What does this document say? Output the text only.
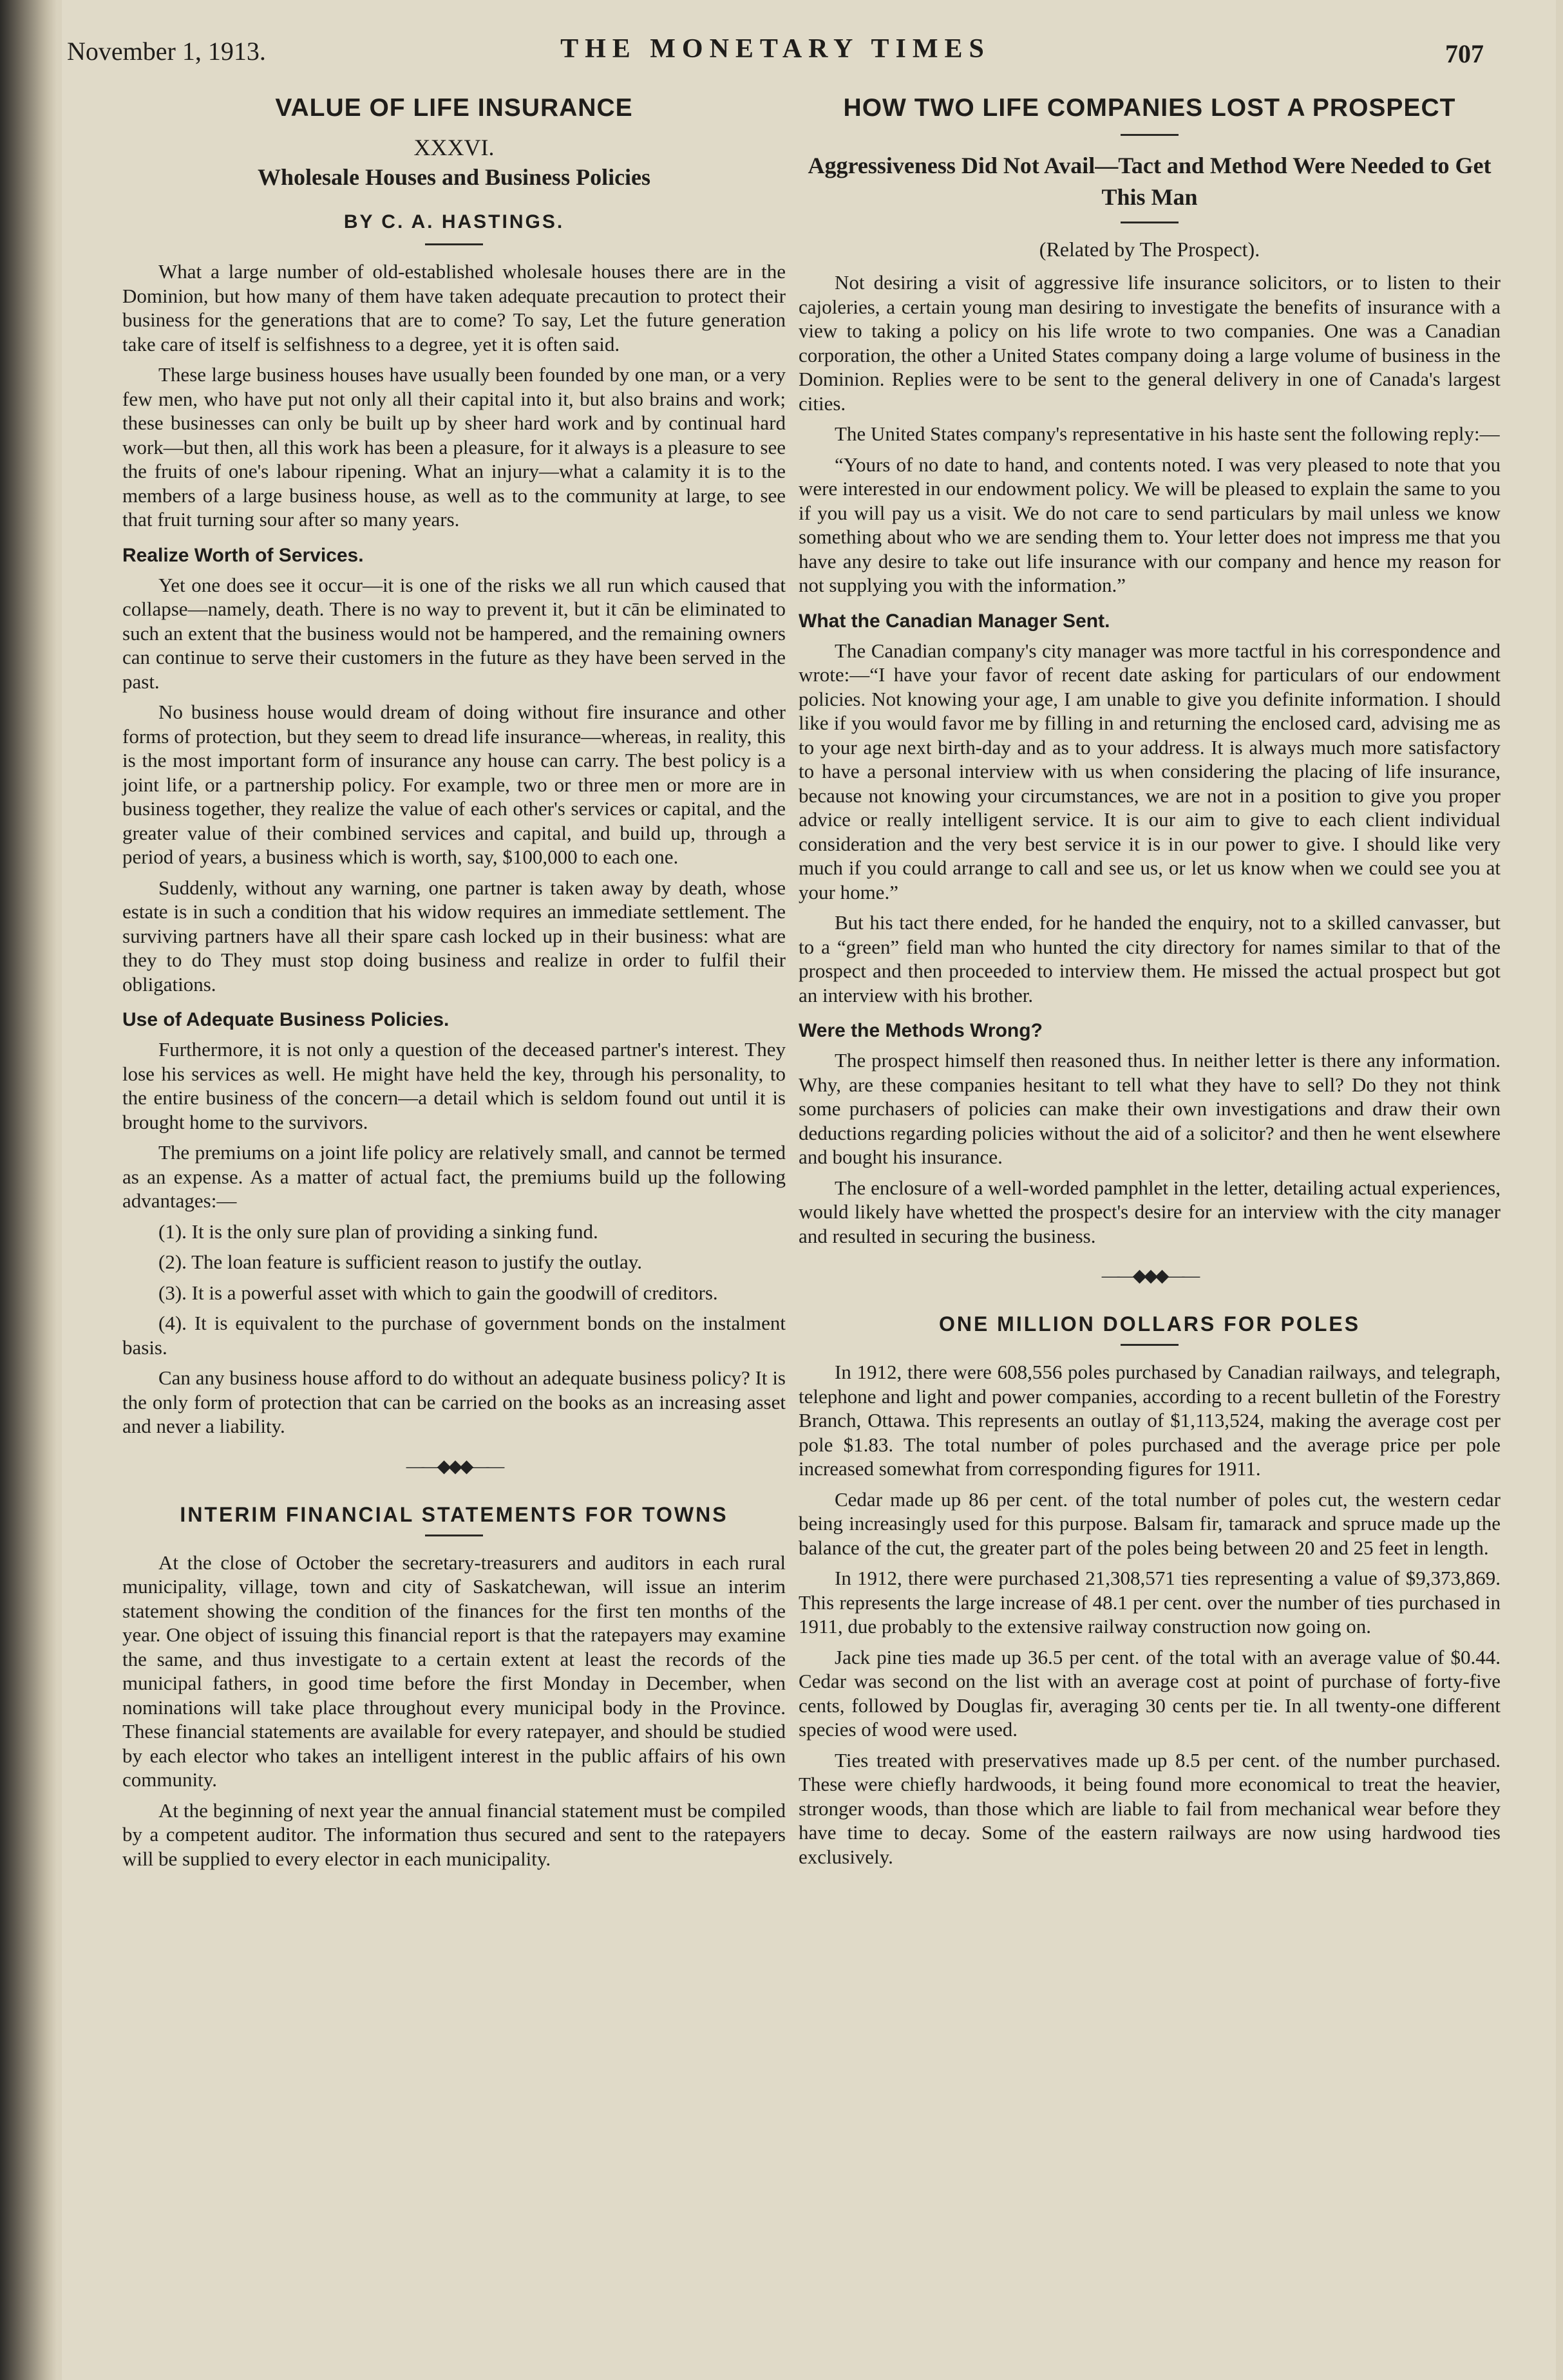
November 1, 1913.	THE MONETARY TIMES	707
VALUE OF LIFE INSURANCE
XXXVI.
Wholesale Houses and Business Policies
BY C. A. HASTINGS.

What a large number of old-established wholesale houses there are in the Dominion, but how many of them have taken adequate precaution to protect their business for the generations that are to come? To say, Let the future generation take care of itself is selfishness to a degree, yet it is often said.

These large business houses have usually been founded by one man, or a very few men, who have put not only all their capital into it, but also brains and work; these businesses can only be built up by sheer hard work and by continual hard work—but then, all this work has been a pleasure, for it always is a pleasure to see the fruits of one's labour ripening. What an injury—what a calamity it is to the members of a large business house, as well as to the community at large, to see that fruit turning sour after so many years.

Realize Worth of Services.

Yet one does see it occur—it is one of the risks we all run which caused that collapse—namely, death. There is no way to prevent it, but it cān be eliminated to such an extent that the business would not be hampered, and the remaining owners can continue to serve their customers in the future as they have been served in the past.

No business house would dream of doing without fire insurance and other forms of protection, but they seem to dread life insurance—whereas, in reality, this is the most important form of insurance any house can carry. The best policy is a joint life, or a partnership policy. For example, two or three men or more are in business together, they realize the value of each other's services or capital, and the greater value of their combined services and capital, and build up, through a period of years, a business which is worth, say, $100,000 to each one.

Suddenly, without any warning, one partner is taken away by death, whose estate is in such a condition that his widow requires an immediate settlement. The surviving partners have all their spare cash locked up in their business: what are they to do They must stop doing business and realize in order to fulfil their obligations.

Use of Adequate Business Policies.

Furthermore, it is not only a question of the deceased partner's interest. They lose his services as well. He might have held the key, through his personality, to the entire business of the concern—a detail which is seldom found out until it is brought home to the survivors.

The premiums on a joint life policy are relatively small, and cannot be termed as an expense. As a matter of actual fact, the premiums build up the following advantages:—

(1). It is the only sure plan of providing a sinking fund.

(2). The loan feature is sufficient reason to justify the outlay.

(3). It is a powerful asset with which to gain the goodwill of creditors.

(4). It is equivalent to the purchase of government bonds on the instalment basis.

Can any business house afford to do without an adequate business policy? It is the only form of protection that can be carried on the books as an increasing asset and never a liability.

——◆◆◆——
INTERIM FINANCIAL STATEMENTS FOR TOWNS

At the close of October the secretary-treasurers and auditors in each rural municipality, village, town and city of Saskatchewan, will issue an interim statement showing the condition of the finances for the first ten months of the year. One object of issuing this financial report is that the ratepayers may examine the same, and thus investigate to a certain extent at least the records of the municipal fathers, in good time before the first Monday in December, when nominations will take place throughout every municipal body in the Province. These financial statements are available for every ratepayer, and should be studied by each elector who takes an intelligent interest in the public affairs of his own community.

At the beginning of next year the annual financial statement must be compiled by a competent auditor. The information thus secured and sent to the ratepayers will be supplied to every elector in each municipality.

HOW TWO LIFE COMPANIES LOST A PROSPECT
Aggressiveness Did Not Avail—Tact and Method Were Needed to Get This Man
(Related by The Prospect).

Not desiring a visit of aggressive life insurance solicitors, or to listen to their cajoleries, a certain young man desiring to investigate the benefits of insurance with a view to taking a policy on his life wrote to two companies. One was a Canadian corporation, the other a United States company doing a large volume of business in the Dominion. Replies were to be sent to the general delivery in one of Canada's largest cities.

The United States company's representative in his haste sent the following reply:—

“Yours of no date to hand, and contents noted. I was very pleased to note that you were interested in our endowment policy. We will be pleased to explain the same to you if you will pay us a visit. We do not care to send particulars by mail unless we know something about who we are sending them to. Your letter does not impress me that you have any desire to take out life insurance with our company and hence my reason for not supplying you with the information.”

What the Canadian Manager Sent.

The Canadian company's city manager was more tactful in his correspondence and wrote:—“I have your favor of recent date asking for particulars of our endowment policies. Not knowing your age, I am unable to give you definite information. I should like if you would favor me by filling in and returning the enclosed card, advising me as to your age next birth-day and as to your address. It is always much more satisfactory to have a personal interview with us when considering the placing of life insurance, because not knowing your circumstances, we are not in a position to give you proper advice or really intelligent service. It is our aim to give to each client individual consideration and the very best service it is in our power to give. I should like very much if you could arrange to call and see us, or let us know when we could see you at your home.”

But his tact there ended, for he handed the enquiry, not to a skilled canvasser, but to a “green” field man who hunted the city directory for names similar to that of the prospect and then proceeded to interview them. He missed the actual prospect but got an interview with his brother.

Were the Methods Wrong?

The prospect himself then reasoned thus. In neither letter is there any information. Why, are these companies hesitant to tell what they have to sell? Do they not think some purchasers of policies can make their own investigations and draw their own deductions regarding policies without the aid of a solicitor? and then he went elsewhere and bought his insurance.

The enclosure of a well-worded pamphlet in the letter, detailing actual experiences, would likely have whetted the prospect's desire for an interview with the city manager and resulted in securing the business.

——◆◆◆——
ONE MILLION DOLLARS FOR POLES

In 1912, there were 608,556 poles purchased by Canadian railways, and telegraph, telephone and light and power companies, according to a recent bulletin of the Forestry Branch, Ottawa. This represents an outlay of $1,113,524, making the average cost per pole $1.83. The total number of poles purchased and the average price per pole increased somewhat from corresponding figures for 1911.

Cedar made up 86 per cent. of the total number of poles cut, the western cedar being increasingly used for this purpose. Balsam fir, tamarack and spruce made up the balance of the cut, the greater part of the poles being between 20 and 25 feet in length.

In 1912, there were purchased 21,308,571 ties representing a value of $9,373,869. This represents the large increase of 48.1 per cent. over the number of ties purchased in 1911, due probably to the extensive railway construction now going on.

Jack pine ties made up 36.5 per cent. of the total with an average value of $0.44. Cedar was second on the list with an average cost at point of purchase of forty-five cents, followed by Douglas fir, averaging 30 cents per tie. In all twenty-one different species of wood were used.

Ties treated with preservatives made up 8.5 per cent. of the number purchased. These were chiefly hardwoods, it being found more economical to treat the heavier, stronger woods, than those which are liable to fail from mechanical wear before they have time to decay. Some of the eastern railways are now using hardwood ties exclusively.
